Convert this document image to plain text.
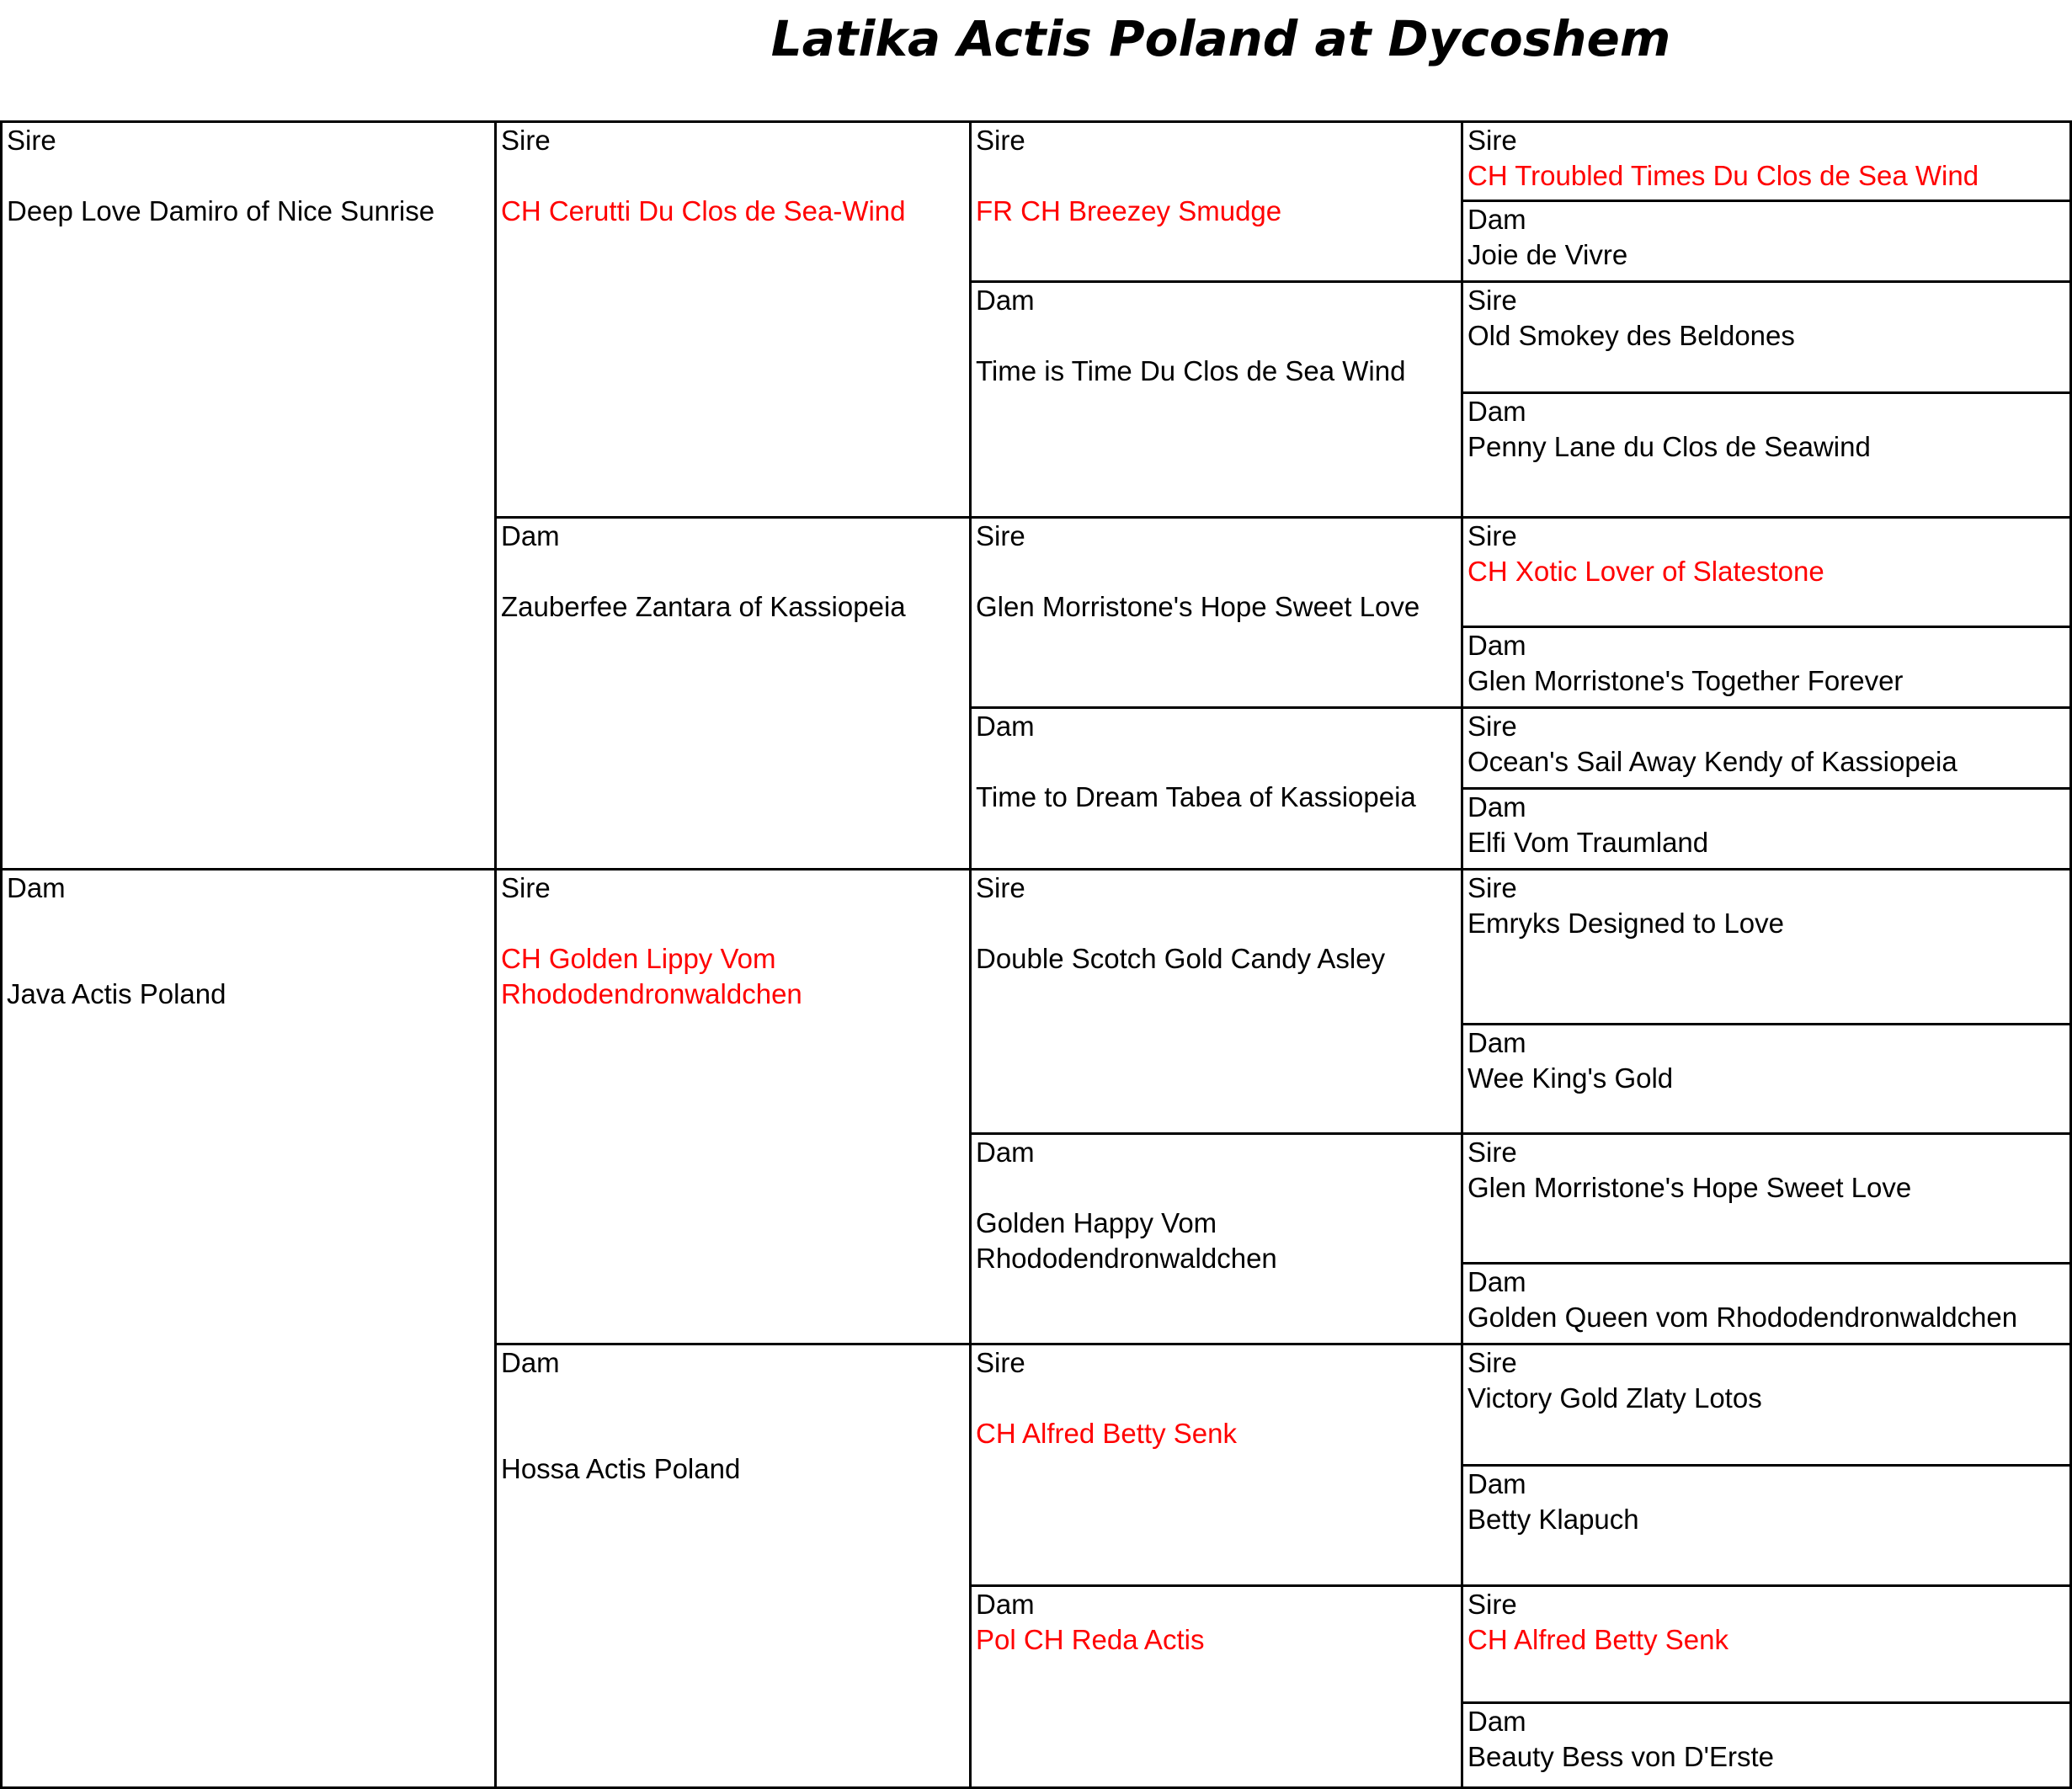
Latika Actis Poland at Dycoshem
Sire
Deep Love Damiro of Nice Sunrise
Dam
Java Actis Poland
Sire
CH Cerutti Du Clos de Sea-Wind
Dam
Zauberfee Zantara of Kassiopeia
Sire
CH Golden Lippy Vom Rhododendronwaldchen
Dam
Hossa Actis Poland
Sire
FR CH Breezey Smudge
Dam
Time is Time Du Clos de Sea Wind
Sire
Glen Morristone's Hope Sweet Love
Dam
Time to Dream Tabea of Kassiopeia
Sire
Double Scotch Gold Candy Asley
Dam
Golden Happy Vom Rhododendronwaldchen
Sire
CH Alfred Betty Senk
Dam
Pol CH Reda Actis
Sire
CH Troubled Times Du Clos de Sea Wind
Dam
Joie de Vivre
Sire
Old Smokey des Beldones
Dam
Penny Lane du Clos de Seawind
Sire
CH Xotic Lover of Slatestone
Dam
Glen Morristone's Together Forever
Sire
Ocean's Sail Away Kendy of Kassiopeia
Dam
Elfi Vom Traumland
Sire
Emryks Designed to Love
Dam
Wee King's Gold
Sire
Glen Morristone's Hope Sweet Love
Dam
Golden Queen vom Rhododendronwaldchen
Sire
Victory Gold Zlaty Lotos
Dam
Betty Klapuch
Sire
CH Alfred Betty Senk
Dam
Beauty Bess von D'Erste
